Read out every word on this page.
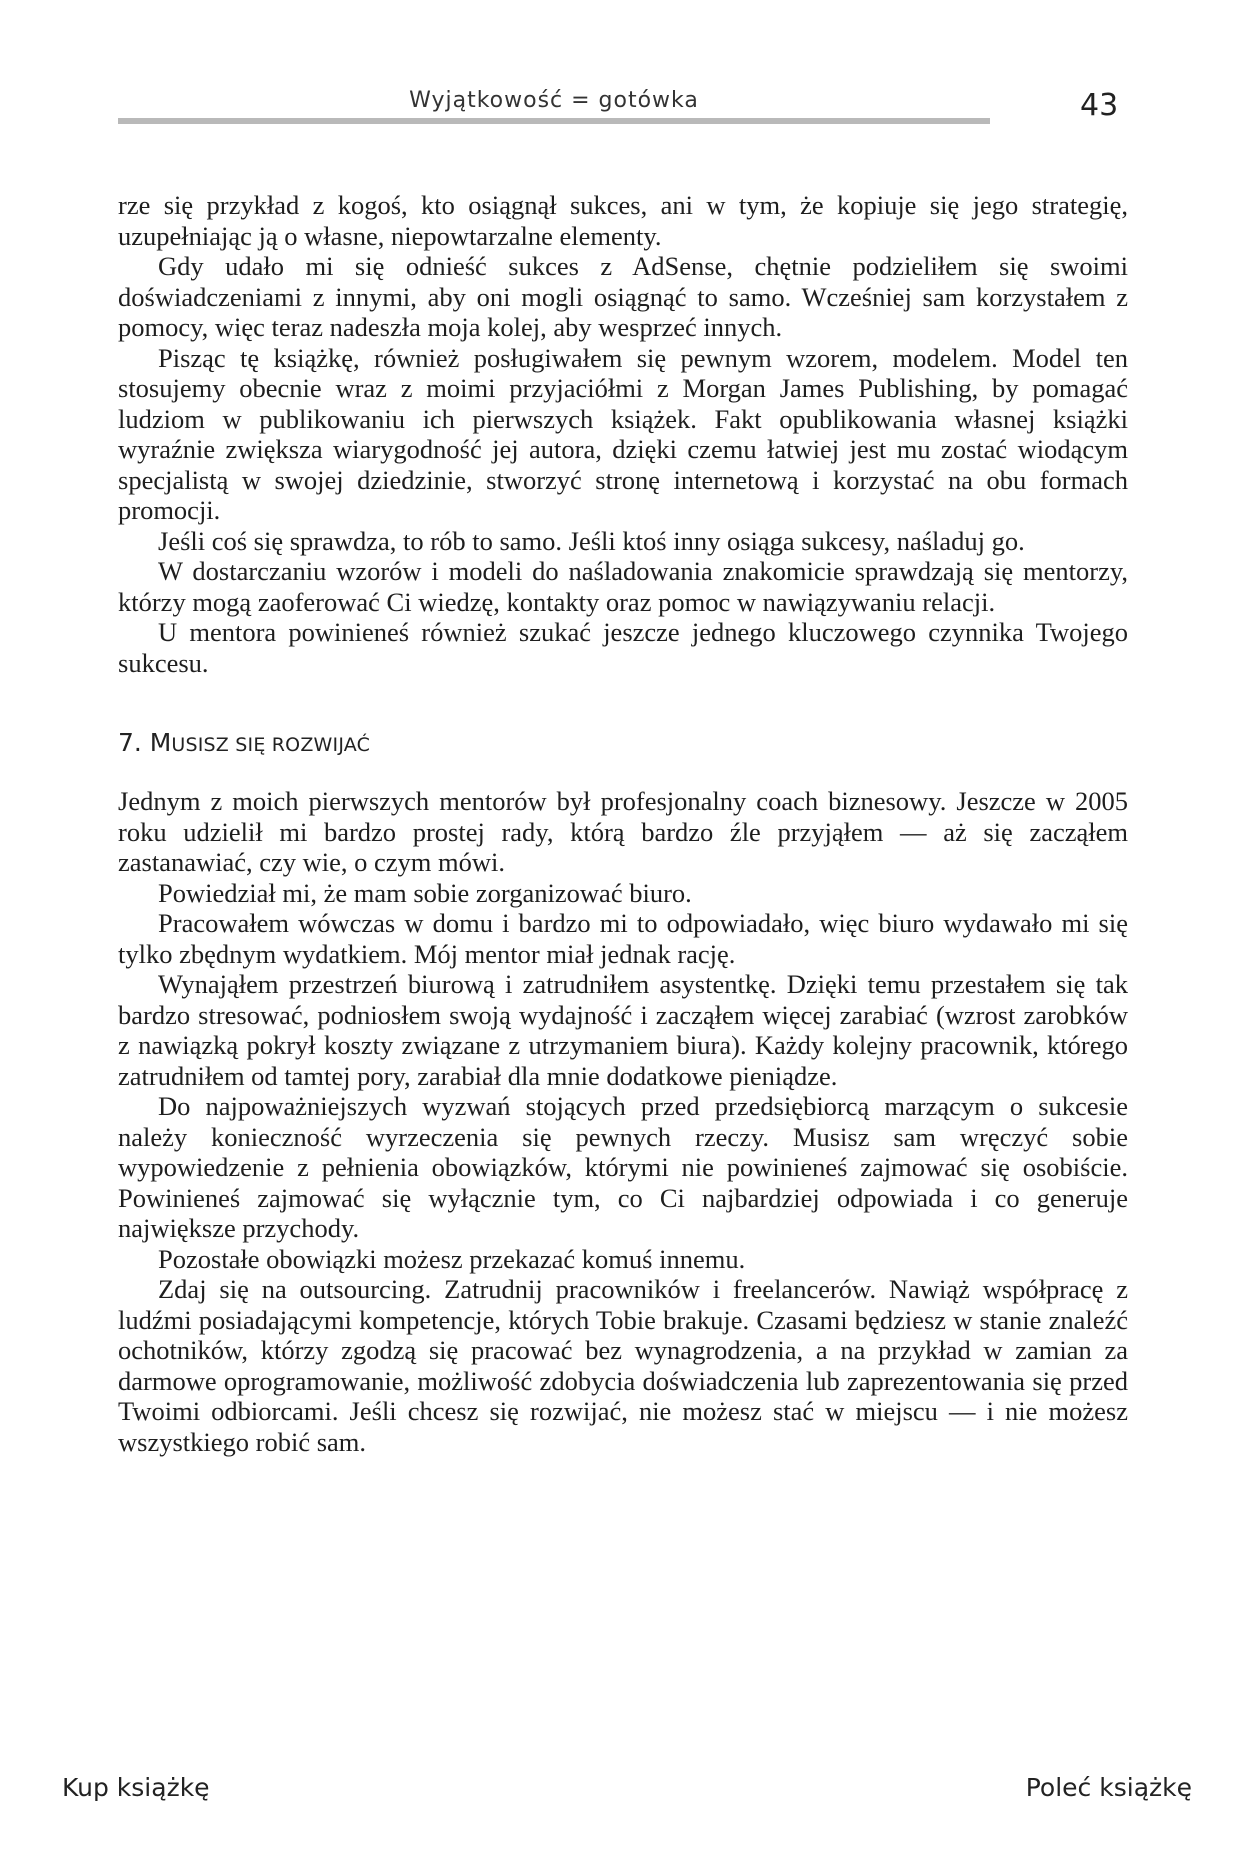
Wyjątkowość = gotówka	43

rze się przykład z kogoś, kto osiągnął sukces, ani w tym, że kopiuje się jego strategię, uzupełniając ją o własne, niepowtarzalne elementy.

Gdy udało mi się odnieść sukces z AdSense, chętnie podzieliłem się swoimi doświadczeniami z innymi, aby oni mogli osiągnąć to samo. Wcześniej sam korzystałem z pomocy, więc teraz nadeszła moja kolej, aby wesprzeć innych.

Pisząc tę książkę, również posługiwałem się pewnym wzorem, modelem. Model ten stosujemy obecnie wraz z moimi przyjaciółmi z Morgan James Publishing, by pomagać ludziom w publikowaniu ich pierwszych książek. Fakt opublikowania własnej książki wyraźnie zwiększa wiarygodność jej autora, dzięki czemu łatwiej jest mu zostać wiodącym specjalistą w swojej dziedzinie, stworzyć stronę internetową i korzystać na obu formach promocji.

Jeśli coś się sprawdza, to rób to samo. Jeśli ktoś inny osiąga sukcesy, naśladuj go.

W dostarczaniu wzorów i modeli do naśladowania znakomicie sprawdzają się mentorzy, którzy mogą zaoferować Ci wiedzę, kontakty oraz pomoc w nawiązywaniu relacji.

U mentora powinieneś również szukać jeszcze jednego kluczowego czynnika Twojego sukcesu.

7. MUSISZ SIĘ ROZWIJAĆ

Jednym z moich pierwszych mentorów był profesjonalny coach biznesowy. Jeszcze w 2005 roku udzielił mi bardzo prostej rady, którą bardzo źle przyjąłem — aż się zacząłem zastanawiać, czy wie, o czym mówi.

Powiedział mi, że mam sobie zorganizować biuro.

Pracowałem wówczas w domu i bardzo mi to odpowiadało, więc biuro wydawało mi się tylko zbędnym wydatkiem. Mój mentor miał jednak rację.

Wynająłem przestrzeń biurową i zatrudniłem asystentkę. Dzięki temu przestałem się tak bardzo stresować, podniosłem swoją wydajność i zacząłem więcej zarabiać (wzrost zarobków z nawiązką pokrył koszty związane z utrzymaniem biura). Każdy kolejny pracownik, którego zatrudniłem od tamtej pory, zarabiał dla mnie dodatkowe pieniądze.

Do najpoważniejszych wyzwań stojących przed przedsiębiorcą marzącym o sukcesie należy konieczność wyrzeczenia się pewnych rzeczy. Musisz sam wręczyć sobie wypowiedzenie z pełnienia obowiązków, którymi nie powinieneś zajmować się osobiście. Powinieneś zajmować się wyłącznie tym, co Ci najbardziej odpowiada i co generuje największe przychody.

Pozostałe obowiązki możesz przekazać komuś innemu.

Zdaj się na outsourcing. Zatrudnij pracowników i freelancerów. Nawiąż współpracę z ludźmi posiadającymi kompetencje, których Tobie brakuje. Czasami będziesz w stanie znaleźć ochotników, którzy zgodzą się pracować bez wynagrodzenia, a na przykład w zamian za darmowe oprogramowanie, możliwość zdobycia doświadczenia lub zaprezentowania się przed Twoimi odbiorcami. Jeśli chcesz się rozwijać, nie możesz stać w miejscu — i nie możesz wszystkiego robić sam.

Kup książkę	Poleć książkę
